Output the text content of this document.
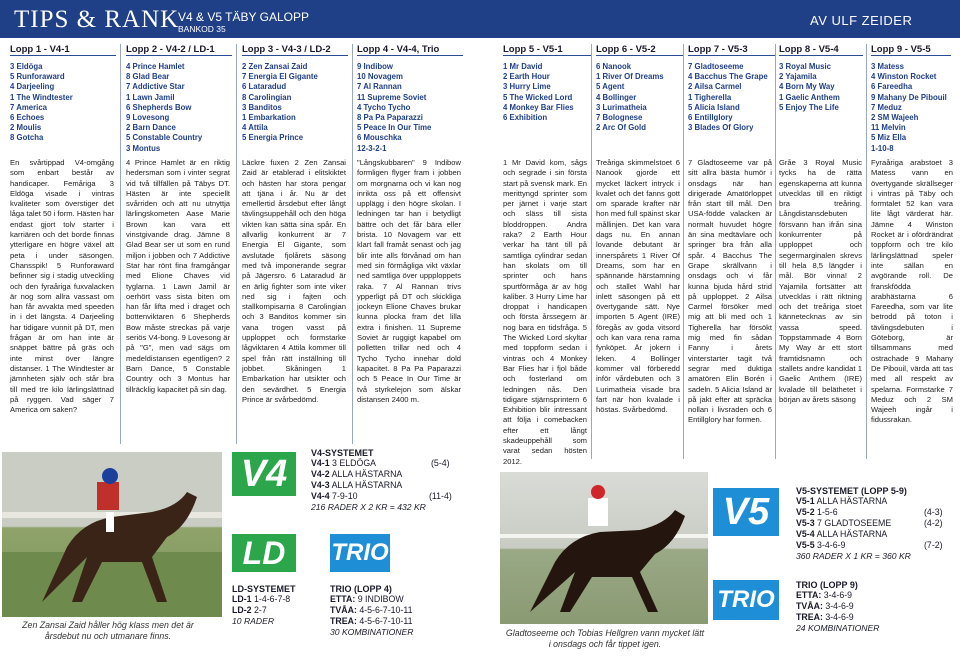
TIPS & RANK
V4 & V5 TÄBY GALOPP
BANKOD 35
AV ULF ZEIDER
Lopp 1 - V4-1	Lopp 2 - V4-2 / LD-1	Lopp 3 - V4-3 / LD-2	Lopp 4 - V4-4, Trio	Lopp 5 - V5-1	Lopp 6 - V5-2	Lopp 7 - V5-3	Lopp 8 - V5-4	Lopp 9 - V5-5
3 Eldöga
5 Runforaward
4 Darjeeling
1 The Windtester
7 America
6 Echoes
2 Moulis
8 Gotcha
4 Prince Hamlet
8 Glad Bear
7 Addictive Star
1 Lawn Jamil
6 Shepherds Bow
9 Lovesong
2 Barn Dance
5 Constable Country
3 Montus
2 Zen Zansai Zaid
7 Energia El Gigante
6 Lataradud
8 Carolingian
3 Banditos
1 Embarkation
4 Attila
5 Energia Prince
9 Indibow
10 Novagem
7 Al Rannan
11 Supreme Soviet
4 Tycho Tycho
8 Pa Pa Paparazzi
5 Peace In Our Time
6 Mouschka
12-3-2-1
1 Mr David
2 Earth Hour
3 Hurry Lime
5 The Wicked Lord
4 Monkey Bar Flies
6 Exhibition
6 Nanook
1 River Of Dreams
5 Agent
4 Bollinger
3 Lurimatheia
7 Bolognese
2 Arc Of Gold
7 Gladtoseeme
4 Bacchus The Grape
2 Ailsa Carmel
1 Tigherella
5 Alicia Island
6 Entillglory
3 Blades Of Glory
3 Royal Music
2 Yajamila
4 Born My Way
1 Gaelic Anthem
5 Enjoy The Life
3 Matess
4 Winston Rocket
6 Fareedha
9 Mahany De Pibouil
7 Meduz
2 SM Wajeeh
11 Melvin
5 Miz Ella
1-10-8
En svårtippad V4-omgång som enbart består av handicaper. Femåriga 3 Eldöga visade i vintras kvaliteter som överstiger det låga talet 50 i form. Hästen har endast gjort tolv starter i karriären och det borde finnas ytterligare en högre växel att peta i under säsongen. Chansspik! 5 Runforaward befinner sig i stadig utveckling och den fyraåriga fuxvalacken är nog som allra vassast om han får avvakta med speeden in i det längsta. 4 Darjeeling har tidigare vunnit på DT, men frågan är om han inte är snäppet bättre på gräs och inte minst över längre distanser. 1 The Windtester är jämnheten själv och står bra till med tre kilo lärlingslättnad på ryggen. Vad säger 7 America om saken?
4 Prince Hamlet är en riktig hedersman som i vinter segrat vid två tillfällen på Täbys DT. Hästen är inte speciellt svårriden och att nu utnyttja lärlingskometen Aase Marie Brown kan vara ett vinstgivande drag. Jämne 8 Glad Bear ser ut som en rund miljon i jobben och 7 Addictive Star har rönt fina framgångar med Elione Chaves vid tyglarna. 1 Lawn Jamil är oerhört vass sista biten om han får lifta med i draget och bottenviktaren 6 Shepherds Bow måste streckas på varje seriös V4-bong. 9 Lovesong är på "G", men vad sägs om medeldistansen egentligen? 2 Barn Dance, 5 Constable Country och 3 Montus har tillräcklig kapacitet på sin dag.
Läckre fuxen 2 Zen Zansai Zaid är etablerad i elitskiktet och hästen har stora pengar att tjäna i år. Nu är det emellertid årsdebut efter långt tävlingsuppehåll och den höga vikten kan sätta sina spår. En allvarlig konkurrent är 7 Energia El Gigante, som avslutade fjolårets säsong med två imponerande segrar på Jägersro. 6 Lataradud är en ärlig fighter som inte viker ned sig i fajten och stallkompisarna 8 Carolingian och 3 Banditos kommer sin vana trogen vasst på upploppet och formstarke lågviktaren 4 Attila kommer till spel från rätt inställning till jobbet. Skåningen 1 Embarkation har utsikter och den sevärdhet. 5 Energia Prince är svårbedömd.
"Långskubbaren" 9 Indibow formligen flyger fram i jobben om morgnarna och vi kan nog inrikta oss på ett offensivt upplägg i den högre skolan. I ledningen tar han i betydligt bättre och det får bära eller brista. 10 Novagem var ett klart fall framåt senast och jag blir inte alls förvånad om han med sin förmågliga vikt växlar ned samtliga över uppploppets raka. 7 Al Rannan trivs ypperligt på DT och skickliga jockeyn Elione Chaves brukar kunna plocka fram det lilla extra i finishen. 11 Supreme Soviet är ruggigt kapabel om polletten trillar ned och 4 Tycho Tycho innehar dold kapacitet. 8 Pa Pa Paparazzi och 5 Peace In Our Time är två styrkelejon som älskar distansen 2400 m.
1 Mr David kom, sågs och segrade i sin första start på svensk mark. En merittyngd sprinter som per järnet i varje start och släss till sista bloddroppen. Andra raka? 2 Earth Hour verkar ha tänt till på samtliga cylindrar sedan han skolats om till sprinter och hans spurtförmåga är av hög kaliber. 3 Hurry Lime har droppat i handicapen och första årssegern är nog bara en tidsfråga. 5 The Wicked Lord skyltar med toppform sedan i vintras och 4 Monkey Bar Flies har i fjol både och fosterland om ledningen nås. Den tidigare stjärnsprintern 6 Exhibition blir intressant att följa i comebacken efter ett långt skadeuppehåll som varat sedan hösten 2012.
Treåriga skimmelstoet 6 Nanook gjorde ett mycket läckert intryck i kvalet och det fanns gott om sparade krafter när hon med full späinst skar mållinjen. Det kan vara dags nu. En annan lovande debutant är innerspårets 1 River Of Dreams, som har en spännande härstamning och stallet Wahl har inlett säsongen på ett övertygande sätt. Nye importen 5 Agent (IRE) föregås av goda vitsord och kan vara rena rama fynköpet. Är jokern i leken. 4 Bollinger kommer väl förberedd inför vårdebuten och 3 Lurimatheia visade bra fart när hon kvalade i höstas. Svårbedömd.
7 Gladtoseeme var på sitt allra bästa humör i onsdags när han dirigerade Amatörloppet från start till mål. Den USA-födde valacken är normalt huvudet högre än sina medtävlare och springer bra från alla spår. 4 Bacchus The Grape skrällvann i onsdags och vi får kunna bjuda hård strid på upploppet. 2 Ailsa Carmel försöker med mig att bli med och 1 Tigherella har försökt mig med fin sådan Fanny i årets vinterstarter tagit två segrar med duktiga amatören Elin Borén i sadeln. 5 Alicia Island är på jakt efter att spräcka nollan i livsraden och 6 Entillglory har formen.
Gråe 3 Royal Music tycks ha de rätta egenskaperna att kunna utvecklas till en riktigt bra treåring. Långdistansdebuten försvann han ifrån sina konkurrenter på upploppet och segermarginalen skrevs till hela 8,5 längder i mål. Bör vinna! 2 Yajamila fortsätter att utvecklas i rätt riktning och det treåriga stoet kännetecknas av sin vassa speed. Toppstammade 4 Born My Way är ett stort framtidsnamn och stallets andre kandidat 1 Gaelic Anthem (IRE) kvalade till beläthetet i början av årets säsong
Fyraåriga arabstoet 3 Matess vann en övertygande skrällseger i vintras på Täby och formtalet 52 kan vara lite lågt värderat här. Jämne 4 Winston Rocket är i ofördrändrat toppform och tre kilo lärlingslättnad speler inte sällan en avgörande roll. De franskfödda arabhästarna 6 Fareedha, som var lite betrodd på toton i tävlingsdebuten i Göteborg, är tillsammans med ostrachade 9 Mahany De Pibouil, värda att tas med all respekt av spelarna. Formstarke 7 Meduz och 2 SM Wajeeh ingår i fidussrakan.
Zen Zansai Zaid håller hög klass men det är årsdebut nu och utmanare finns.	Gladtoseeme och Tobias Hellgren vann mycket lätt i onsdags och får tippet igen.
V4	V4-SYSTEMET
V4-1 3 ELDÖGA	(5-4)
V4-2 ALLA HÄSTARNA
V4-3 ALLA HÄSTARNA
V4-4 7-9-10	(11-4)
216 RADER X 2 KR = 432 KR
LD	TRIO
LD-SYSTEMET
LD-1 1-4-6-7-8
LD-2 2-7
10 RADER
TRIO (LOPP 4)
ETTA: 9 INDIBOW
TVÅA: 4-5-6-7-10-11
TREA: 4-5-6-7-10-11
30 KOMBINATIONER
V5	V5-SYSTEMET (LOPP 5-9)
V5-1 ALLA HÄSTARNA
V5-2 1-5-6	(4-3)
V5-3 7 GLADTOSEEME	(4-2)
V5-4 ALLA HÄSTARNA
V5-5 3-4-6-9	(7-2)
360 RADER X 1 KR = 360 KR
TRIO
TRIO (LOPP 9)
ETTA: 3-4-6-9
TVÅA: 3-4-6-9
TREA: 3-4-6-9
24 KOMBINATIONER
